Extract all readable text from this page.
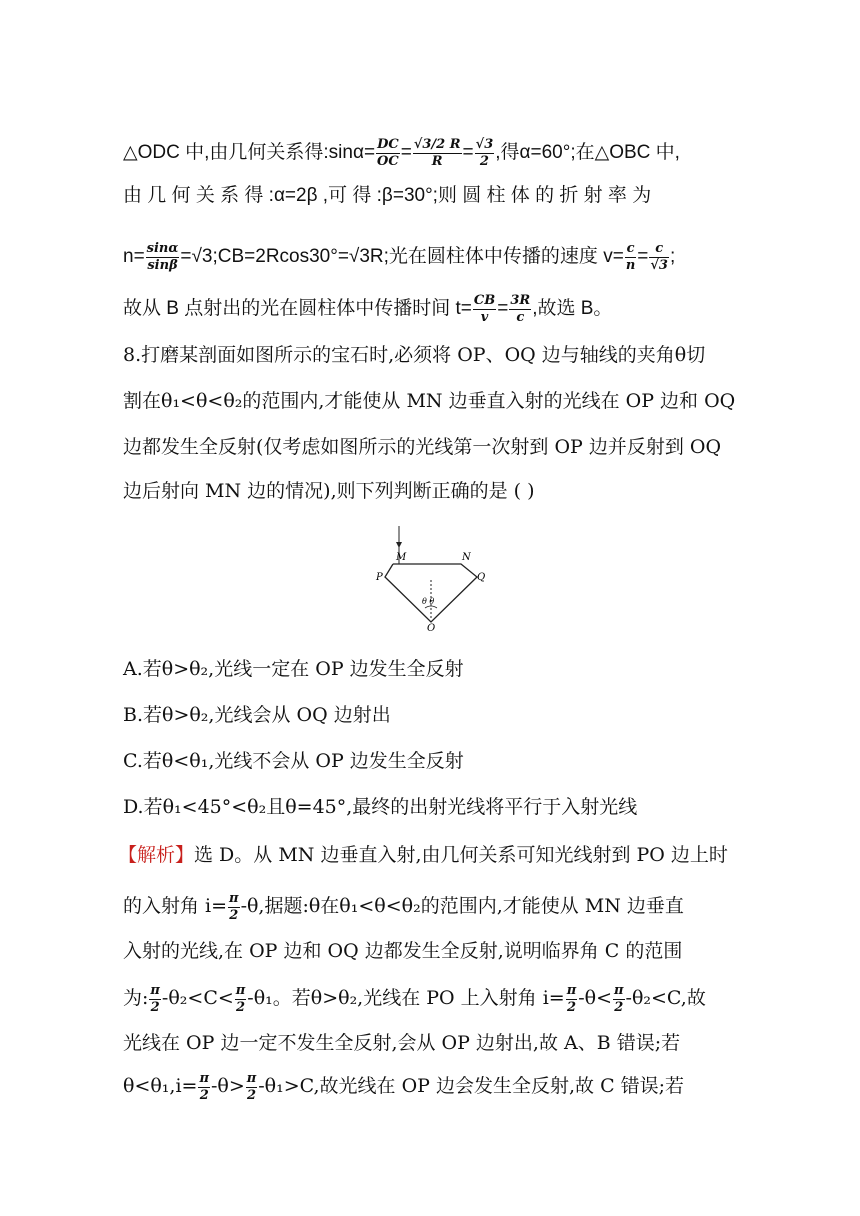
△ODC 中,由几何关系得:sinα= $\frac{DC}{OC} = \frac{√3/2 R}{R} = \frac{√3}{2}$ ,得α=60°;在△OBC 中,
由 几 何 关 系 得 :α=2β ,可 得 :β=30°;则 圆 柱 体 的 折 射 率 为
$n= \frac{\sin\alpha}{\sin\beta}$ =√3;CB=2Rcos30°=√3R;光在圆柱体中传播的速度 $v= \frac{c}{n} = \frac{c}{√3}$ ;
故从 B 点射出的光在圆柱体中传播时间 $t= \frac{CB}{v} = \frac{3R}{c}$ ,故选 B。
8.打磨某剖面如图所示的宝石时,必须将 OP、OQ 边与轴线的夹角θ切
割在θ₁<θ<θ₂的范围内,才能使从 MN 边垂直入射的光线在 OP 边和 OQ
边都发生全反射(仅考虑如图所示的光线第一次射到 OP 边并反射到 OQ
边后射向 MN 边的情况),则下列判断正确的是 ( )
M	N
P	Q
O
θ θ
A.若θ>θ₂,光线一定在 OP 边发生全反射
B.若θ>θ₂,光线会从 OQ 边射出
C.若θ<θ₁,光线不会从 OP 边发生全反射
D.若θ₁<45°<θ₂且θ=45°,最终的出射光线将平行于入射光线
【解析】选 D。从 MN 边垂直入射,由几何关系可知光线射到 PO 边上时
的入射角 $i= \frac{\pi}{2} -\theta$,据题:θ在θ₁<θ<θ₂的范围内,才能使从 MN 边垂直
入射的光线,在 OP 边和 OQ 边都发生全反射,说明临界角 C 的范围
为: $\frac{\pi}{2} -\theta_2<C< \frac{\pi}{2} -\theta_1$。若θ>θ₂,光线在 PO 上入射角 $i= \frac{\pi}{2} -\theta< \frac{\pi}{2} -\theta_2<C$,故
光线在 OP 边一定不发生全反射,会从 OP 边射出,故 A、B 错误;若
$\theta<\theta_1,i= \frac{\pi}{2} -\theta> \frac{\pi}{2} -\theta_1>C$,故光线在 OP 边会发生全反射,故 C 错误;若
